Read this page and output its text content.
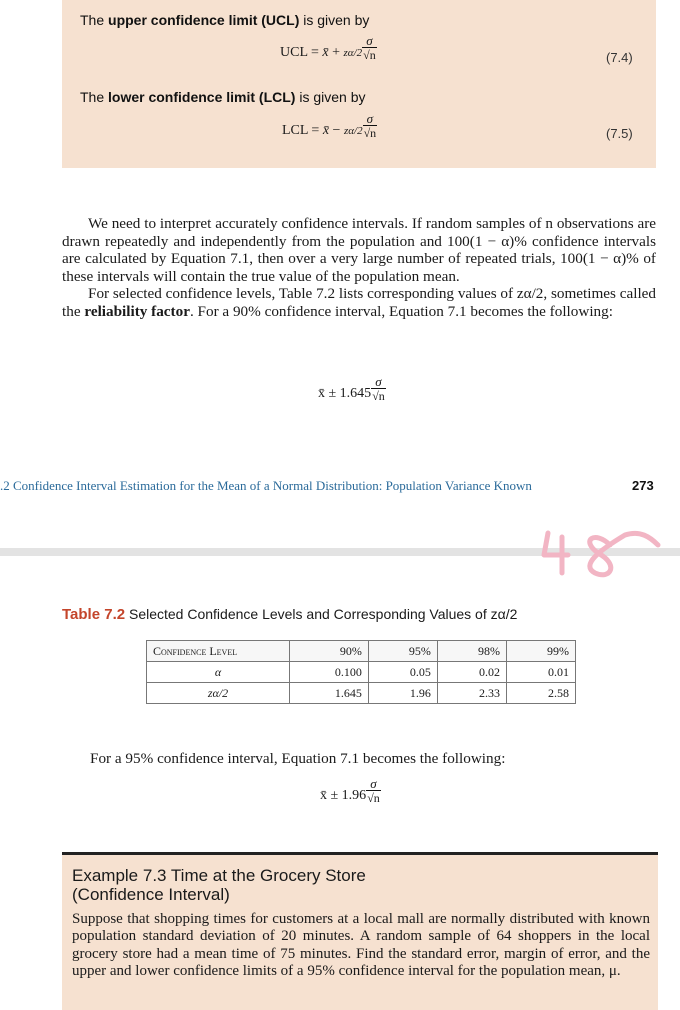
The upper confidence limit (UCL) is given by
UCL = x̄ + $z\alpha/2 \frac{\sigma}{√n}$	(7.4)
The lower confidence limit (LCL) is given by
LCL = x̄ − $z\alpha/2 \frac{\sigma}{√n}$	(7.5)

We need to interpret accurately confidence intervals. If random samples of n observations are drawn repeatedly and independently from the population and 100(1 − α)% confidence intervals are calculated by Equation 7.1, then over a very large number of repeated trials, 100(1 − α)% of these intervals will contain the true value of the population mean.

For selected confidence levels, Table 7.2 lists corresponding values of zα/2, sometimes called the reliability factor. For a 90% confidence interval, Equation 7.1 becomes the following:

x̄ ± $1.645 \frac{\sigma}{√n}$
.2 Confidence Interval Estimation for the Mean of a Normal Distribution: Population Variance Known	273
Table 7.2 Selected Confidence Levels and Corresponding Values of zα/2
Confidence Level	90%	95%	98%	99%
α	0.100	0.05	0.02	0.01
zα/2	1.645	1.96	2.33	2.58
For a 95% confidence interval, Equation 7.1 becomes the following:
x̄ ± $1.96 \frac{\sigma}{√n}$
Example 7.3 Time at the Grocery Store
(Confidence Interval)
Suppose that shopping times for customers at a local mall are normally distributed with known population standard deviation of 20 minutes. A random sample of 64 shoppers in the local grocery store had a mean time of 75 minutes. Find the standard error, margin of error, and the upper and lower confidence limits of a 95% confidence interval for the population mean, μ.
